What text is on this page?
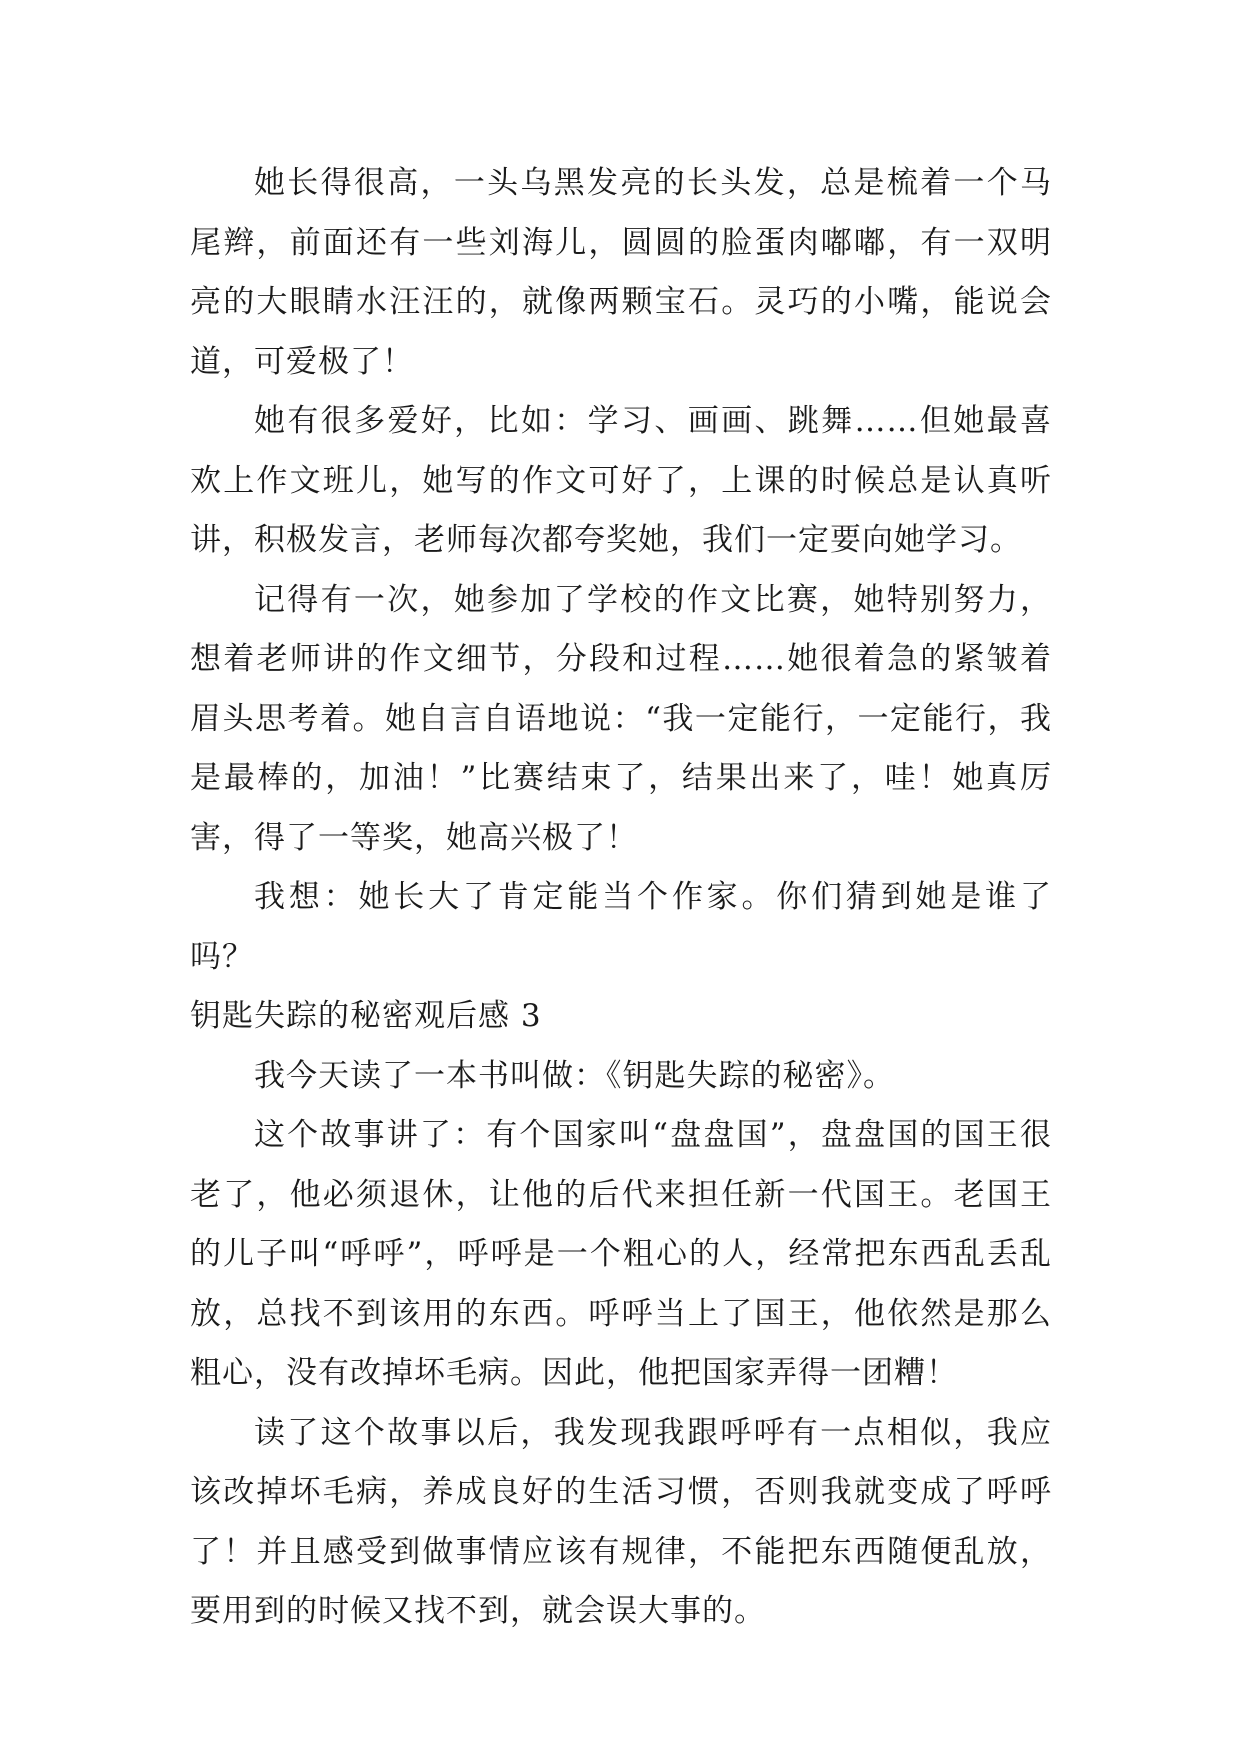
她长得很高，一头乌黑发亮的长头发，总是梳着一个马尾辫，前面还有一些刘海儿，圆圆的脸蛋肉嘟嘟，有一双明亮的大眼睛水汪汪的，就像两颗宝石。灵巧的小嘴，能说会道，可爱极了！

她有很多爱好，比如：学习、画画、跳舞……但她最喜欢上作文班儿，她写的作文可好了，上课的时候总是认真听讲，积极发言，老师每次都夸奖她，我们一定要向她学习。

记得有一次，她参加了学校的作文比赛，她特别努力，想着老师讲的作文细节，分段和过程……她很着急的紧皱着眉头思考着。她自言自语地说：“我一定能行，一定能行，我是最棒的，加油！”比赛结束了，结果出来了，哇！她真厉害，得了一等奖，她高兴极了！

我想：她长大了肯定能当个作家。你们猜到她是谁了吗？

钥匙失踪的秘密观后感 3

我今天读了一本书叫做：《钥匙失踪的秘密》。

这个故事讲了：有个国家叫“盘盘国”，盘盘国的国王很老了，他必须退休，让他的后代来担任新一代国王。老国王的儿子叫“呼呼”，呼呼是一个粗心的人，经常把东西乱丢乱放，总找不到该用的东西。呼呼当上了国王，他依然是那么粗心，没有改掉坏毛病。因此，他把国家弄得一团糟！

读了这个故事以后，我发现我跟呼呼有一点相似，我应该改掉坏毛病，养成良好的生活习惯，否则我就变成了呼呼了！并且感受到做事情应该有规律，不能把东西随便乱放，要用到的时候又找不到，就会误大事的。
